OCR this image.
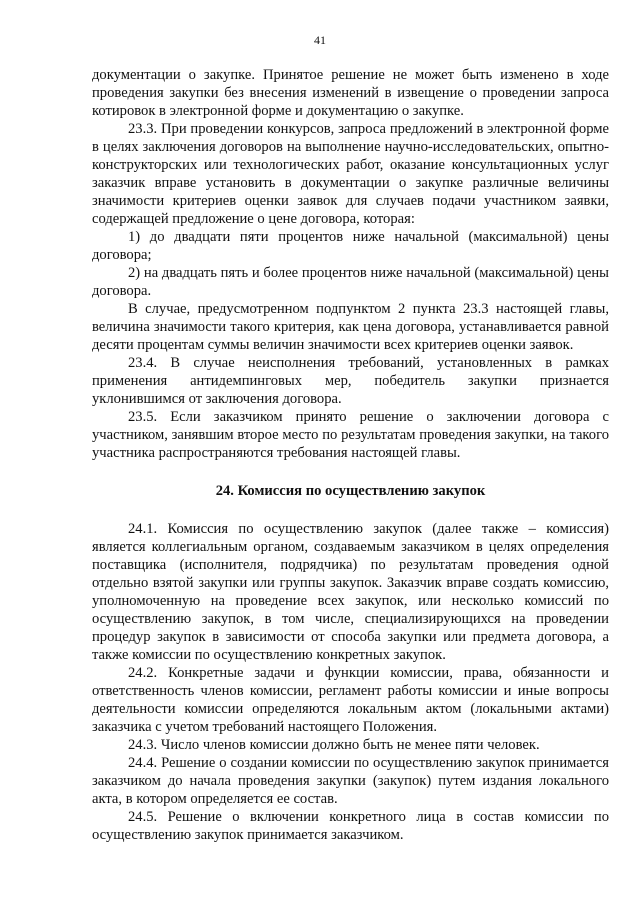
41

документации о закупке. Принятое решение не может быть изменено в ходе проведения закупки без внесения изменений в извещение о проведении запроса котировок в электронной форме и документацию о закупке.

23.3. При проведении конкурсов, запроса предложений в электронной форме в целях заключения договоров на выполнение научно-исследовательских, опытно-конструкторских или технологических работ, оказание консультационных услуг заказчик вправе установить в документации о закупке различные величины значимости критериев оценки заявок для случаев подачи участником заявки, содержащей предложение о цене договора, которая:

1) до двадцати пяти процентов ниже начальной (максимальной) цены договора;

2) на двадцать пять и более процентов ниже начальной (максимальной) цены договора.

В случае, предусмотренном подпунктом 2 пункта 23.3 настоящей главы, величина значимости такого критерия, как цена договора, устанавливается равной десяти процентам суммы величин значимости всех критериев оценки заявок.

23.4. В случае неисполнения требований, установленных в рамках применения антидемпинговых мер, победитель закупки признается уклонившимся от заключения договора.

23.5. Если заказчиком принято решение о заключении договора с участником, занявшим второе место по результатам проведения закупки, на такого участника распространяются требования настоящей главы.

24. Комиссия по осуществлению закупок

24.1. Комиссия по осуществлению закупок (далее также – комиссия) является коллегиальным органом, создаваемым заказчиком в целях определения поставщика (исполнителя, подрядчика) по результатам проведения одной отдельно взятой закупки или группы закупок. Заказчик вправе создать комиссию, уполномоченную на проведение всех закупок, или несколько комиссий по осуществлению закупок, в том числе, специализирующихся на проведении процедур закупок в зависимости от способа закупки или предмета договора, а также комиссии по осуществлению конкретных закупок.

24.2. Конкретные задачи и функции комиссии, права, обязанности и ответственность членов комиссии, регламент работы комиссии и иные вопросы деятельности комиссии определяются локальным актом (локальными актами) заказчика с учетом требований настоящего Положения.

24.3. Число членов комиссии должно быть не менее пяти человек.

24.4. Решение о создании комиссии по осуществлению закупок принимается заказчиком до начала проведения закупки (закупок) путем издания локального акта, в котором определяется ее состав.

24.5. Решение о включении конкретного лица в состав комиссии по осуществлению закупок принимается заказчиком.
